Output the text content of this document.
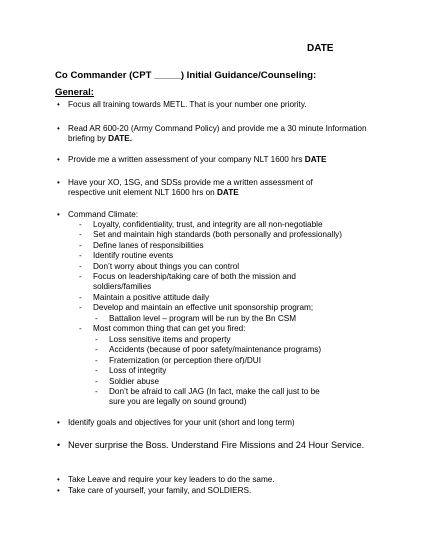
DATE
Co Commander (CPT _____) Initial Guidance/Counseling:
General:
• Focus all training towards METL. That is your number one priority.
• Read AR 600-20 (Army Command Policy) and provide me a 30 minute Information briefing by DATE.
• Provide me a written assessment of your company NLT 1600 hrs DATE
• Have your XO, 1SG, and SDSs provide me a written assessment of respective unit element NLT 1600 hrs on DATE
• Command Climate:
- Loyalty, confidentiality, trust, and integrity are all non-negotiable
- Set and maintain high standards (both personally and professionally)
- Define lanes of responsibilities
- Identify routine events
- Don’t worry about things you can control
- Focus on leadership/taking care of both the mission and soldiers/families
- Maintain a positive attitude daily
- Develop and maintain an effective unit sponsorship program;
- Battalion level – program will be run by the Bn CSM
- Most common thing that can get you fired:
- Loss sensitive items and property
- Accidents (because of poor safety/maintenance programs)
- Fraternization (or perception there of)/DUI
- Loss of integrity
- Soldier abuse
- Don’t be afraid to call JAG (In fact, make the call just to be sure you are legally on sound ground)
• Identify goals and objectives for your unit (short and long term)
• Never surprise the Boss. Understand Fire Missions and 24 Hour Service.
• Take Leave and require your key leaders to do the same.
• Take care of yourself, your family, and SOLDIERS.
